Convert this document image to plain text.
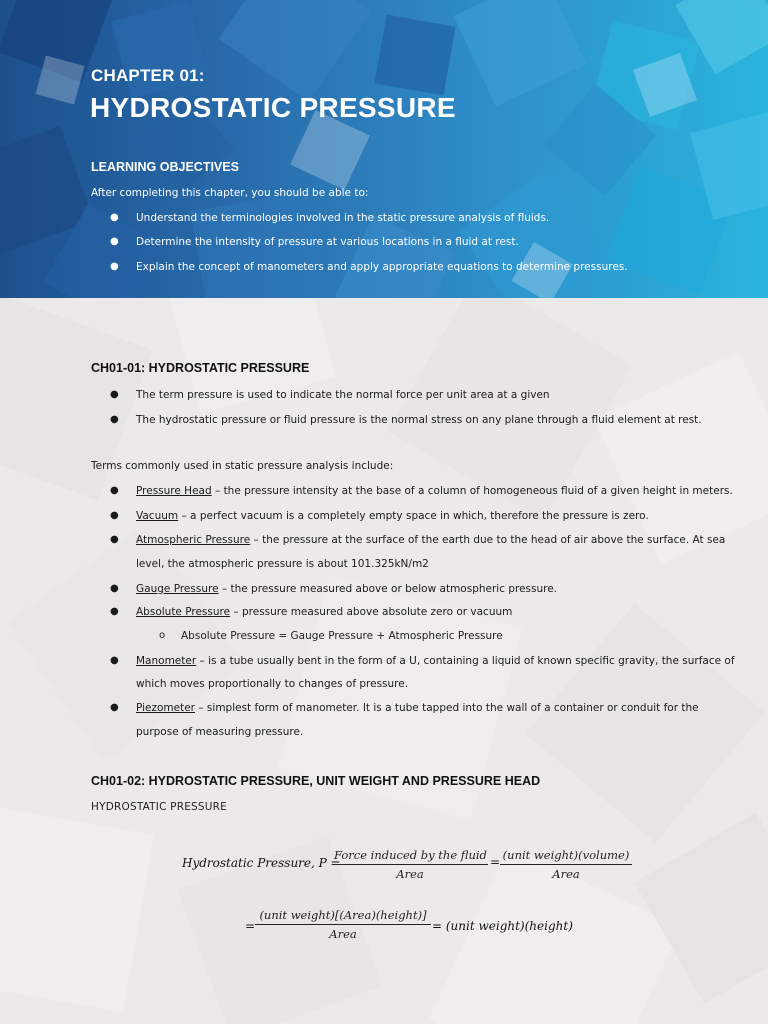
CHAPTER 01:
HYDROSTATIC PRESSURE
LEARNING OBJECTIVES
After completing this chapter, you should be able to:
● Understand the terminologies involved in the static pressure analysis of fluids.
● Determine the intensity of pressure at various locations in a fluid at rest.
● Explain the concept of manometers and apply appropriate equations to determine pressures.
CH01-01: HYDROSTATIC PRESSURE
● The term pressure is used to indicate the normal force per unit area at a given
● The hydrostatic pressure or fluid pressure is the normal stress on any plane through a fluid element at rest.
Terms commonly used in static pressure analysis include:
● Pressure Head – the pressure intensity at the base of a column of homogeneous fluid of a given height in meters.
● Vacuum – a perfect vacuum is a completely empty space in which, therefore the pressure is zero.
● Atmospheric Pressure – the pressure at the surface of the earth due to the head of air above the surface. At sea
level, the atmospheric pressure is about 101.325kN/m2
● Gauge Pressure – the pressure measured above or below atmospheric pressure.
● Absolute Pressure – pressure measured above absolute zero or vacuum
o Absolute Pressure = Gauge Pressure + Atmospheric Pressure
● Manometer – is a tube usually bent in the form of a U, containing a liquid of known specific gravity, the surface of
which moves proportionally to changes of pressure.
● Piezometer – simplest form of manometer. It is a tube tapped into the wall of a container or conduit for the
purpose of measuring pressure.
CH01-02: HYDROSTATIC PRESSURE, UNIT WEIGHT AND PRESSURE HEAD
HYDROSTATIC PRESSURE
Hydrostatic Pressure, P =
Force induced by the fluid
Area
= (unit weight)(volume)
Area
=
(unit weight)[(Area)(height)]
Area
= (unit weight)(height)
